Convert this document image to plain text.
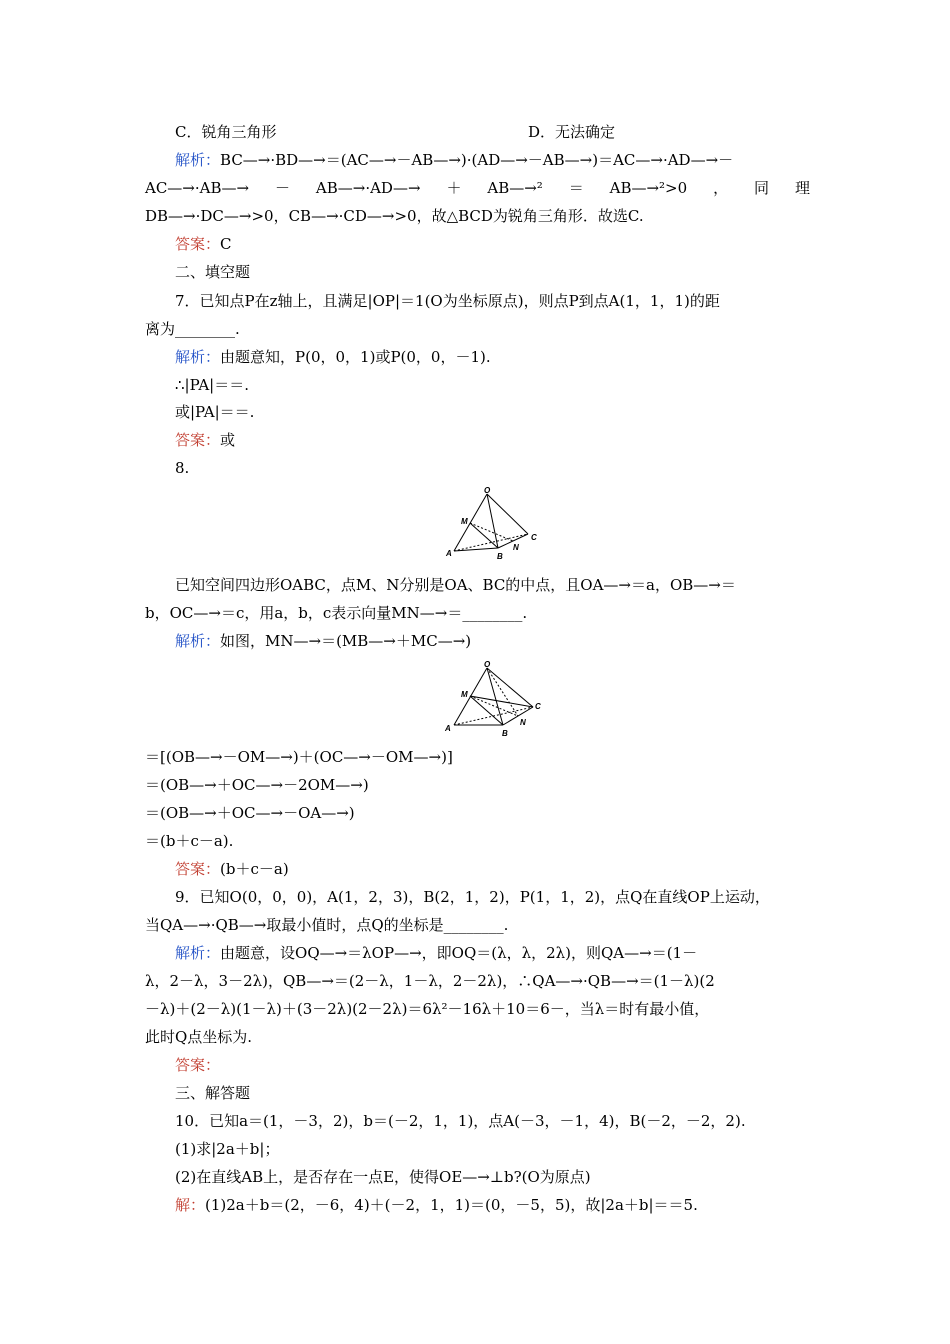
C．锐角三角形	D．无法确定
解析：BC—→·BD—→＝(AC—→－AB—→)·(AD—→－AB—→)＝AC—→·AD—→－
AC—→·AB—→ － AB—→·AD—→ ＋ AB—→² ＝ AB—→²>0 ， 同 理
DB—→·DC—→>0，CB—→·CD—→>0，故△BCD为锐角三角形．故选C.
答案：C
二、填空题
7．已知点P在z轴上，且满足|OP|＝1(O为坐标原点)，则点P到点A(1，1，1)的距
离为________.
解析：由题意知，P(0，0，1)或P(0，0，－1).
∴|PA|＝＝.
或|PA|＝＝.
答案：或
8.
O
M
A	B
N
C
已知空间四边形OABC，点M、N分别是OA、BC的中点，且OA—→＝a，OB—→＝
b，OC—→＝c，用a，b，c表示向量MN—→＝________.
解析：如图，MN—→＝(MB—→＋MC—→)
O
M
A
B
N
C
＝[(OB—→－OM—→)＋(OC—→－OM—→)]
＝(OB—→＋OC—→－2OM—→)
＝(OB—→＋OC—→－OA—→)
＝(b＋c－a).
答案：(b＋c－a)
9．已知O(0，0，0)，A(1，2，3)，B(2，1，2)，P(1，1，2)，点Q在直线OP上运动，
当QA—→·QB—→取最小值时，点Q的坐标是________.
解析：由题意，设OQ—→＝λOP—→，即OQ＝(λ，λ，2λ)，则QA—→＝(1－
λ，2－λ，3－2λ)，QB—→＝(2－λ，1－λ，2－2λ)，∴QA—→·QB—→＝(1－λ)(2
－λ)＋(2－λ)(1－λ)＋(3－2λ)(2－2λ)＝6λ²－16λ＋10＝6－，当λ＝时有最小值，
此时Q点坐标为.
答案：
三、解答题
10．已知a＝(1，－3，2)，b＝(－2，1，1)，点A(－3，－1，4)，B(－2，－2，2).
(1)求|2a＋b|；
(2)在直线AB上，是否存在一点E，使得OE—→⊥b?(O为原点)
解：(1)2a＋b＝(2，－6，4)＋(－2，1，1)＝(0，－5，5)，故|2a＋b|＝＝5.
